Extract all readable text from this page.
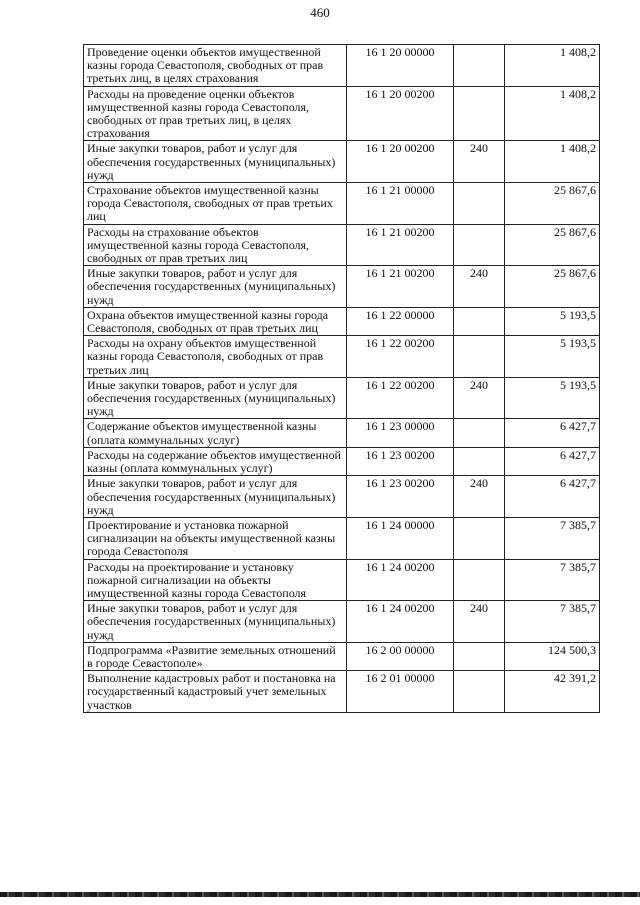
460
Проведение оценки объектов имущественной казны города Севастополя, свободных от прав третьих лиц, в целях страхования	16 1 20 00000		1 408,2
Расходы на проведение оценки объектов имущественной казны города Севастополя, свободных от прав третьих лиц, в целях страхования	16 1 20 00200		1 408,2
Иные закупки товаров, работ и услуг для обеспечения государственных (муниципальных) нужд	16 1 20 00200	240	1 408,2
Страхование объектов имущественной казны города Севастополя, свободных от прав третьих лиц	16 1 21 00000		25 867,6
Расходы на страхование объектов имущественной казны города Севастополя, свободных от прав третьих лиц	16 1 21 00200		25 867,6
Иные закупки товаров, работ и услуг для обеспечения государственных (муниципальных) нужд	16 1 21 00200	240	25 867,6
Охрана объектов имущественной казны города Севастополя, свободных от прав третьих лиц	16 1 22 00000		5 193,5
Расходы на охрану объектов имущественной казны города Севастополя, свободных от прав третьих лиц	16 1 22 00200		5 193,5
Иные закупки товаров, работ и услуг для обеспечения государственных (муниципальных) нужд	16 1 22 00200	240	5 193,5
Содержание объектов имущественной казны (оплата коммунальных услуг)	16 1 23 00000		6 427,7
Расходы на содержание объектов имущественной казны (оплата коммунальных услуг)	16 1 23 00200		6 427,7
Иные закупки товаров, работ и услуг для обеспечения государственных (муниципальных) нужд	16 1 23 00200	240	6 427,7
Проектирование и установка пожарной сигнализации на объекты имущественной казны города Севастополя	16 1 24 00000		7 385,7
Расходы на проектирование и установку пожарной сигнализации на объекты имущественной казны города Севастополя	16 1 24 00200		7 385,7
Иные закупки товаров, работ и услуг для обеспечения государственных (муниципальных) нужд	16 1 24 00200	240	7 385,7
Подпрограмма «Развитие земельных отношений в городе Севастополе»	16 2 00 00000		124 500,3
Выполнение кадастровых работ и постановка на государственный кадастровый учет земельных участков	16 2 01 00000		42 391,2
